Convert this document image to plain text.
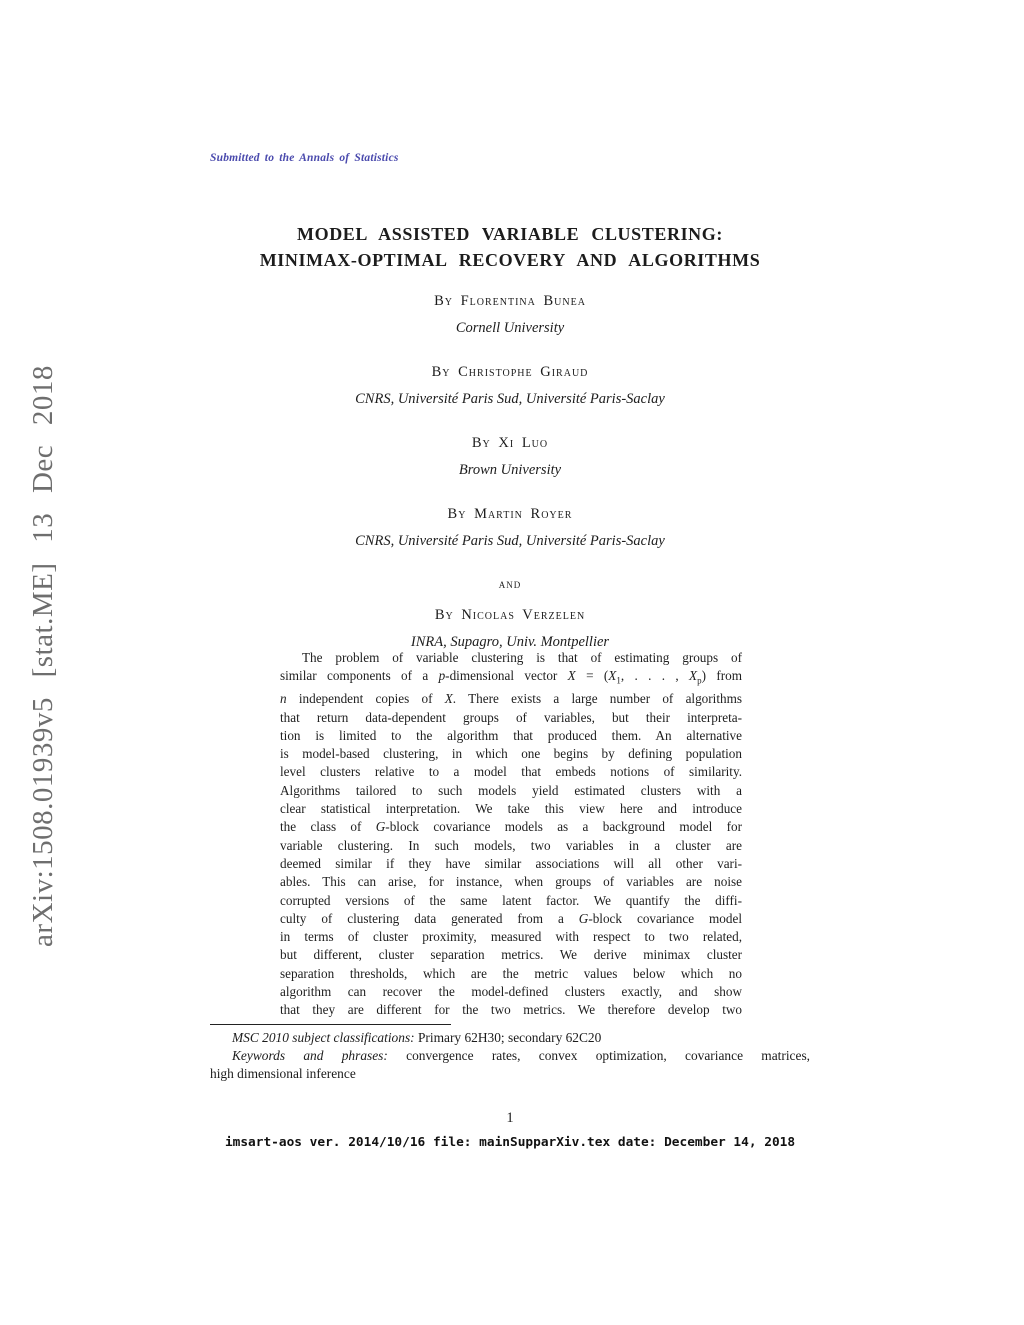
arXiv:1508.01939v5 [stat.ME] 13 Dec 2018
Submitted to the Annals of Statistics
MODEL ASSISTED VARIABLE CLUSTERING:
MINIMAX-OPTIMAL RECOVERY AND ALGORITHMS
By Florentina Bunea
Cornell University
By Christophe Giraud
CNRS, Université Paris Sud, Université Paris-Saclay
By Xi Luo
Brown University
By Martin Royer
CNRS, Université Paris Sud, Université Paris-Saclay
and
By Nicolas Verzelen
INRA, Supagro, Univ. Montpellier
The problem of variable clustering is that of estimating groups of
similar components of a p-dimensional vector $X = (X_1$, . . . , $X_p$) from
n independent copies of X. There exists a large number of algorithms
that return data-dependent groups of variables, but their interpreta-
tion is limited to the algorithm that produced them. An alternative
is model-based clustering, in which one begins by defining population
level clusters relative to a model that embeds notions of similarity.
Algorithms tailored to such models yield estimated clusters with a
clear statistical interpretation. We take this view here and introduce
the class of G-block covariance models as a background model for
variable clustering. In such models, two variables in a cluster are
deemed similar if they have similar associations will all other vari-
ables. This can arise, for instance, when groups of variables are noise
corrupted versions of the same latent factor. We quantify the diffi-
culty of clustering data generated from a G-block covariance model
in terms of cluster proximity, measured with respect to two related,
but different, cluster separation metrics. We derive minimax cluster
separation thresholds, which are the metric values below which no
algorithm can recover the model-defined clusters exactly, and show
that they are different for the two metrics. We therefore develop two
MSC 2010 subject classifications: Primary 62H30; secondary 62C20
Keywords and phrases: convergence rates, convex optimization, covariance matrices,
high dimensional inference
1
imsart-aos ver. 2014/10/16 file: mainSupparXiv.tex date: December 14, 2018
